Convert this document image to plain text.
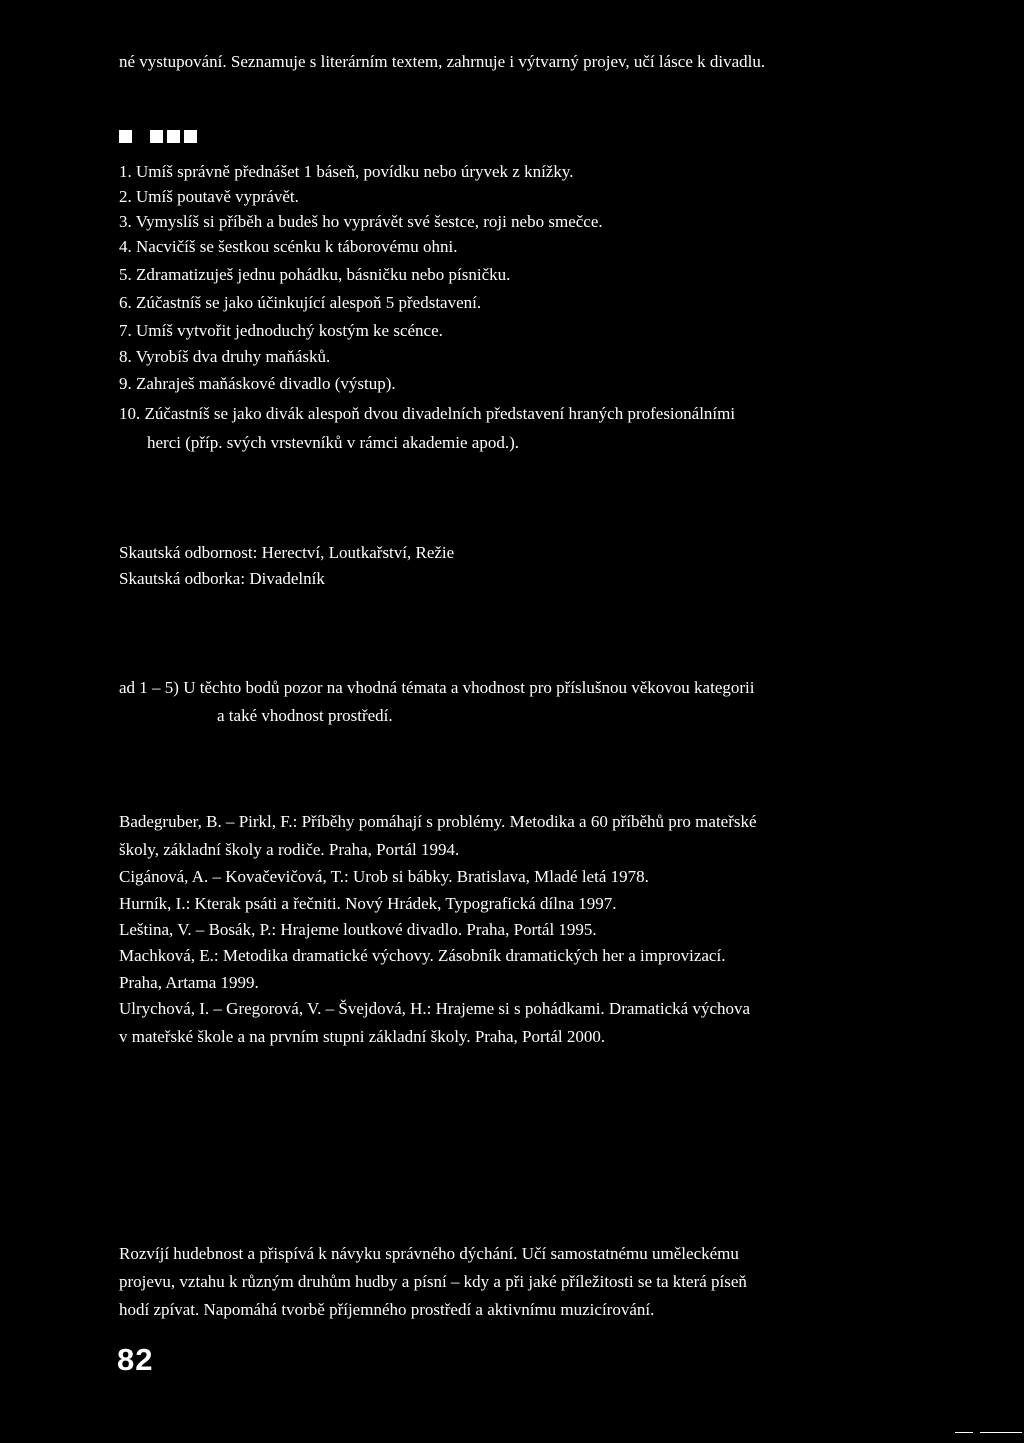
né vystupování. Seznamuje s literárním textem, zahrnuje i výtvarný projev, učí lásce k divadlu.
1. Umíš správně přednášet 1 báseň, povídku nebo úryvek z knížky.
2. Umíš poutavě vyprávět.
3. Vymyslíš si příběh a budeš ho vyprávět své šestce, roji nebo smečce.
4. Nacvičíš se šestkou scénku k táborovému ohni.
5. Zdramatizuješ jednu pohádku, básničku nebo písničku.
6. Zúčastníš se jako účinkující alespoň 5 představení.
7. Umíš vytvořit jednoduchý kostým ke scénce.
8. Vyrobíš dva druhy maňásků.
9. Zahraješ maňáskové divadlo (výstup).
10. Zúčastníš se jako divák alespoň dvou divadelních představení hraných profesionálními
herci (příp. svých vrstevníků v rámci akademie apod.).
Skautská odbornost: Herectví, Loutkařství, Režie
Skautská odborka: Divadelník
ad 1 – 5) U těchto bodů pozor na vhodná témata a vhodnost pro příslušnou věkovou kategorii
a také vhodnost prostředí.
Badegruber, B. – Pirkl, F.: Příběhy pomáhají s problémy. Metodika a 60 příběhů pro mateřské
školy, základní školy a rodiče. Praha, Portál 1994.
Cigánová, A. – Kovačevičová, T.: Urob si bábky. Bratislava, Mladé letá 1978.
Hurník, I.: Kterak psáti a řečniti. Nový Hrádek, Typografická dílna 1997.
Leština, V. – Bosák, P.: Hrajeme loutkové divadlo. Praha, Portál 1995.
Machková, E.: Metodika dramatické výchovy. Zásobník dramatických her a improvizací.
Praha, Artama 1999.
Ulrychová, I. – Gregorová, V. – Švejdová, H.: Hrajeme si s pohádkami. Dramatická výchova
v mateřské škole a na prvním stupni základní školy. Praha, Portál 2000.
Rozvíjí hudebnost a přispívá k návyku správného dýchání. Učí samostatnému uměleckému
projevu, vztahu k různým druhům hudby a písní – kdy a při jaké příležitosti se ta která píseň
hodí zpívat. Napomáhá tvorbě příjemného prostředí a aktivnímu muzicírování.
82
